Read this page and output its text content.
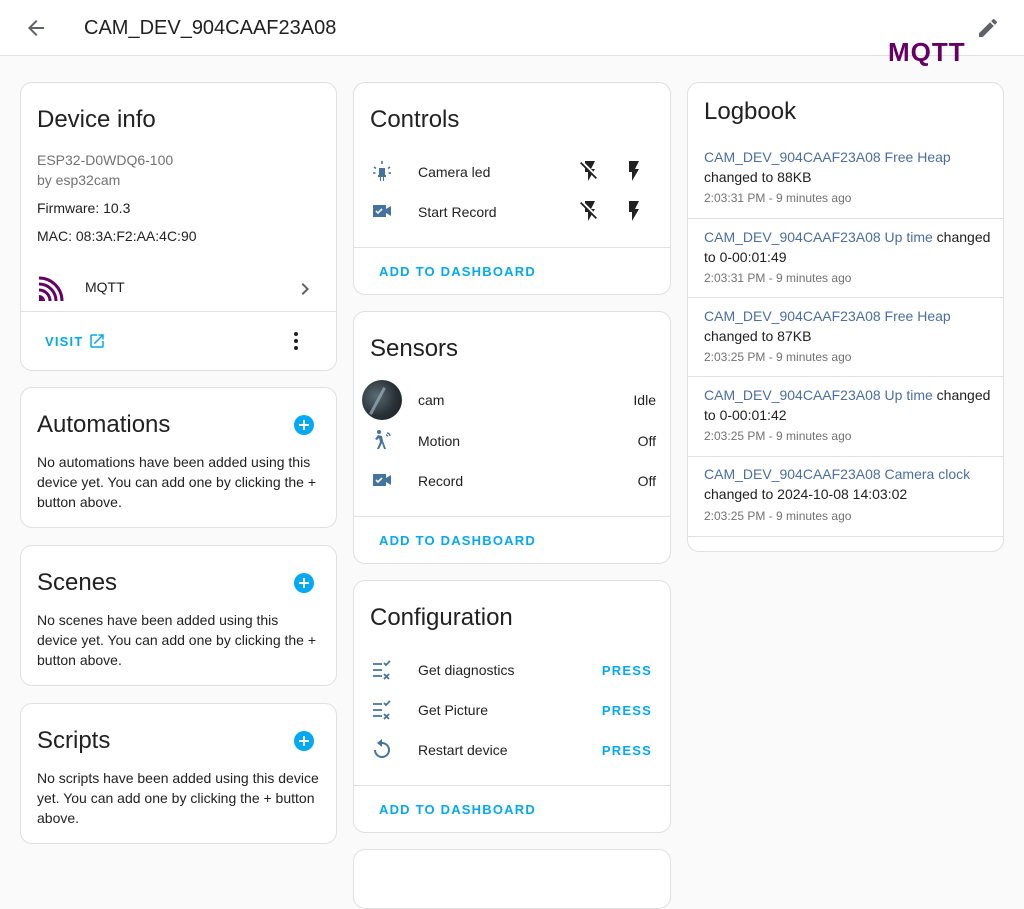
CAM_DEV_904CAAF23A08
MQTT
Device info
ESP32-D0WDQ6-100
by esp32cam
Firmware: 10.3
MAC: 08:3A:F2:AA:4C:90
MQTT
VISIT
Automations
No automations have been added using this device yet. You can add one by clicking the + button above.
Scenes
No scenes have been added using this device yet. You can add one by clicking the + button above.
Scripts
No scripts have been added using this device yet. You can add one by clicking the + button above.
Controls
Camera led
Start Record
ADD TO DASHBOARD
Sensors
cam	Idle
Motion	Off
Record	Off
ADD TO DASHBOARD
Configuration
Get diagnostics	PRESS
Get Picture	PRESS
Restart device	PRESS
ADD TO DASHBOARD
Logbook
CAM_DEV_904CAAF23A08 Free Heap changed to 88KB
2:03:31 PM - 9 minutes ago
CAM_DEV_904CAAF23A08 Up time changed to 0-00:01:49
2:03:31 PM - 9 minutes ago
CAM_DEV_904CAAF23A08 Free Heap changed to 87KB
2:03:25 PM - 9 minutes ago
CAM_DEV_904CAAF23A08 Up time changed to 0-00:01:42
2:03:25 PM - 9 minutes ago
CAM_DEV_904CAAF23A08 Camera clock changed to 2024-10-08 14:03:02
2:03:25 PM - 9 minutes ago
